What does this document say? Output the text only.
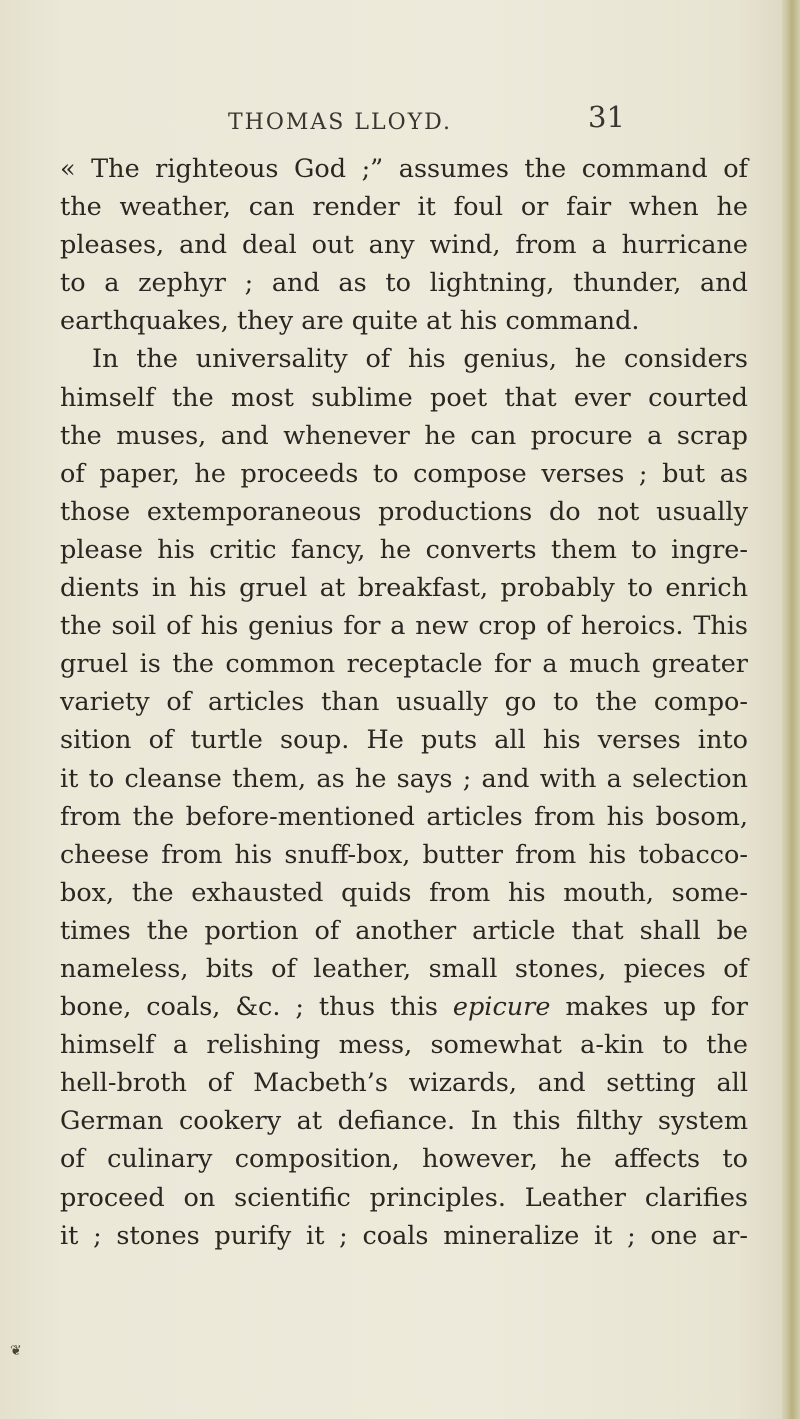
THOMAS LLOYD.	31
« The righteous God ;” assumes the command of
the weather, can render it foul or fair when he
pleases, and deal out any wind, from a hurricane
to a zephyr ; and as to lightning, thunder, and
earthquakes, they are quite at his command.
In the universality of his genius, he considers
himself the most sublime poet that ever courted
the muses, and whenever he can procure a scrap
of paper, he proceeds to compose verses ; but as
those extemporaneous productions do not usually
please his critic fancy, he converts them to ingre-
dients in his gruel at breakfast, probably to enrich
the soil of his genius for a new crop of heroics. This
gruel is the common receptacle for a much greater
variety of articles than usually go to the compo-
sition of turtle soup. He puts all his verses into
it to cleanse them, as he says ; and with a selection
from the before-mentioned articles from his bosom,
cheese from his snuff-box, butter from his tobacco-
box, the exhausted quids from his mouth, some-
times the portion of another article that shall be
nameless, bits of leather, small stones, pieces of
bone, coals, &c. ; thus this epicure makes up for
himself a relishing mess, somewhat a-kin to the
hell-broth of Macbeth’s wizards, and setting all
German cookery at defiance. In this filthy system
of culinary composition, however, he affects to
proceed on scientific principles. Leather clarifies
it ; stones purify it ; coals mineralize it ; one ar-
❦
